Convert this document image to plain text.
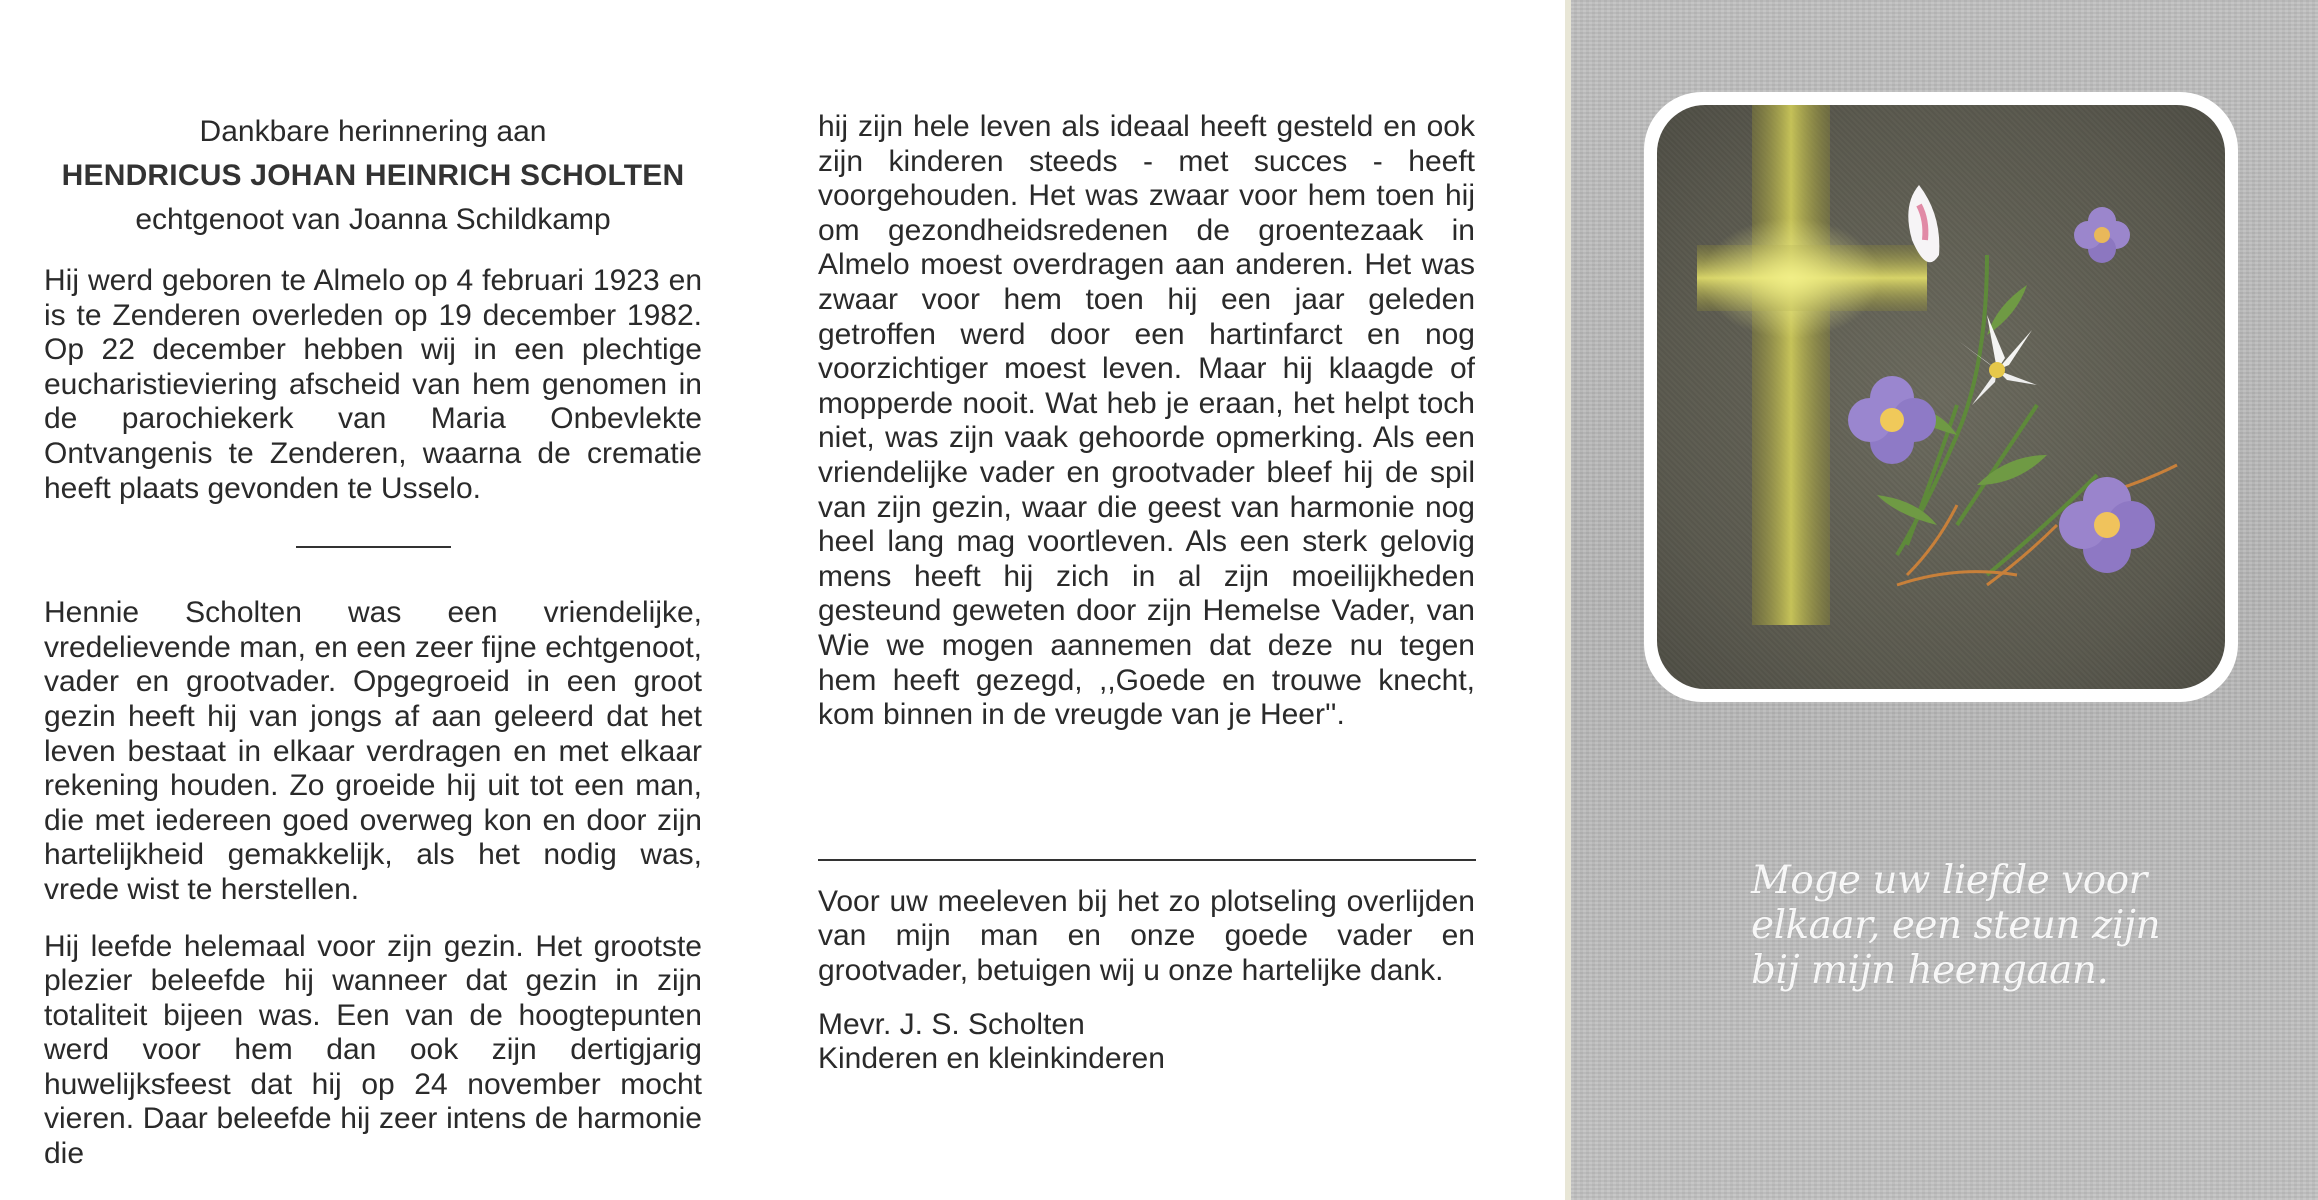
Dankbare herinnering aan
HENDRICUS JOHAN HEINRICH SCHOLTEN
echtgenoot van Joanna Schildkamp

Hij werd geboren te Almelo op 4 februari 1923 en is te Zenderen overleden op 19 december 1982. Op 22 december hebben wij in een plechtige eucharistieviering afscheid van hem genomen in de parochiekerk van Maria Onbevlekte Ontvangenis te Zenderen, waarna de crematie heeft plaats gevonden te Usselo.

Hennie Scholten was een vriendelijke, vredelievende man, en een zeer fijne echtgenoot, vader en grootvader. Opgegroeid in een groot gezin heeft hij van jongs af aan geleerd dat het leven bestaat in elkaar verdragen en met elkaar rekening houden. Zo groeide hij uit tot een man, die met iedereen goed overweg kon en door zijn hartelijkheid gemakkelijk, als het nodig was, vrede wist te herstellen.

Hij leefde helemaal voor zijn gezin. Het grootste plezier beleefde hij wanneer dat gezin in zijn totaliteit bijeen was. Een van de hoogtepunten werd voor hem dan ook zijn dertigjarig huwelijksfeest dat hij op 24 november mocht vieren. Daar beleefde hij zeer intens de harmonie die

hij zijn hele leven als ideaal heeft gesteld en ook zijn kinderen steeds - met succes - heeft voorgehouden. Het was zwaar voor hem toen hij om gezondheidsredenen de groentezaak in Almelo moest overdragen aan anderen. Het was zwaar voor hem toen hij een jaar geleden getroffen werd door een hartinfarct en nog voorzichtiger moest leven. Maar hij klaagde of mopperde nooit. Wat heb je eraan, het helpt toch niet, was zijn vaak gehoorde opmerking. Als een vriendelijke vader en grootvader bleef hij de spil van zijn gezin, waar die geest van harmonie nog heel lang mag voortleven. Als een sterk gelovig mens heeft hij zich in al zijn moeilijkheden gesteund geweten door zijn Hemelse Vader, van Wie we mogen aannemen dat deze nu tegen hem heeft gezegd, ,,Goede en trouwe knecht, kom binnen in de vreugde van je Heer''.

Voor uw meeleven bij het zo plotseling overlijden van mijn man en onze goede vader en grootvader, betuigen wij u onze hartelijke dank.

Mevr. J. S. Scholten
Kinderen en kleinkinderen
Moge uw liefde voor
elkaar, een steun zijn
bij mijn heengaan.
